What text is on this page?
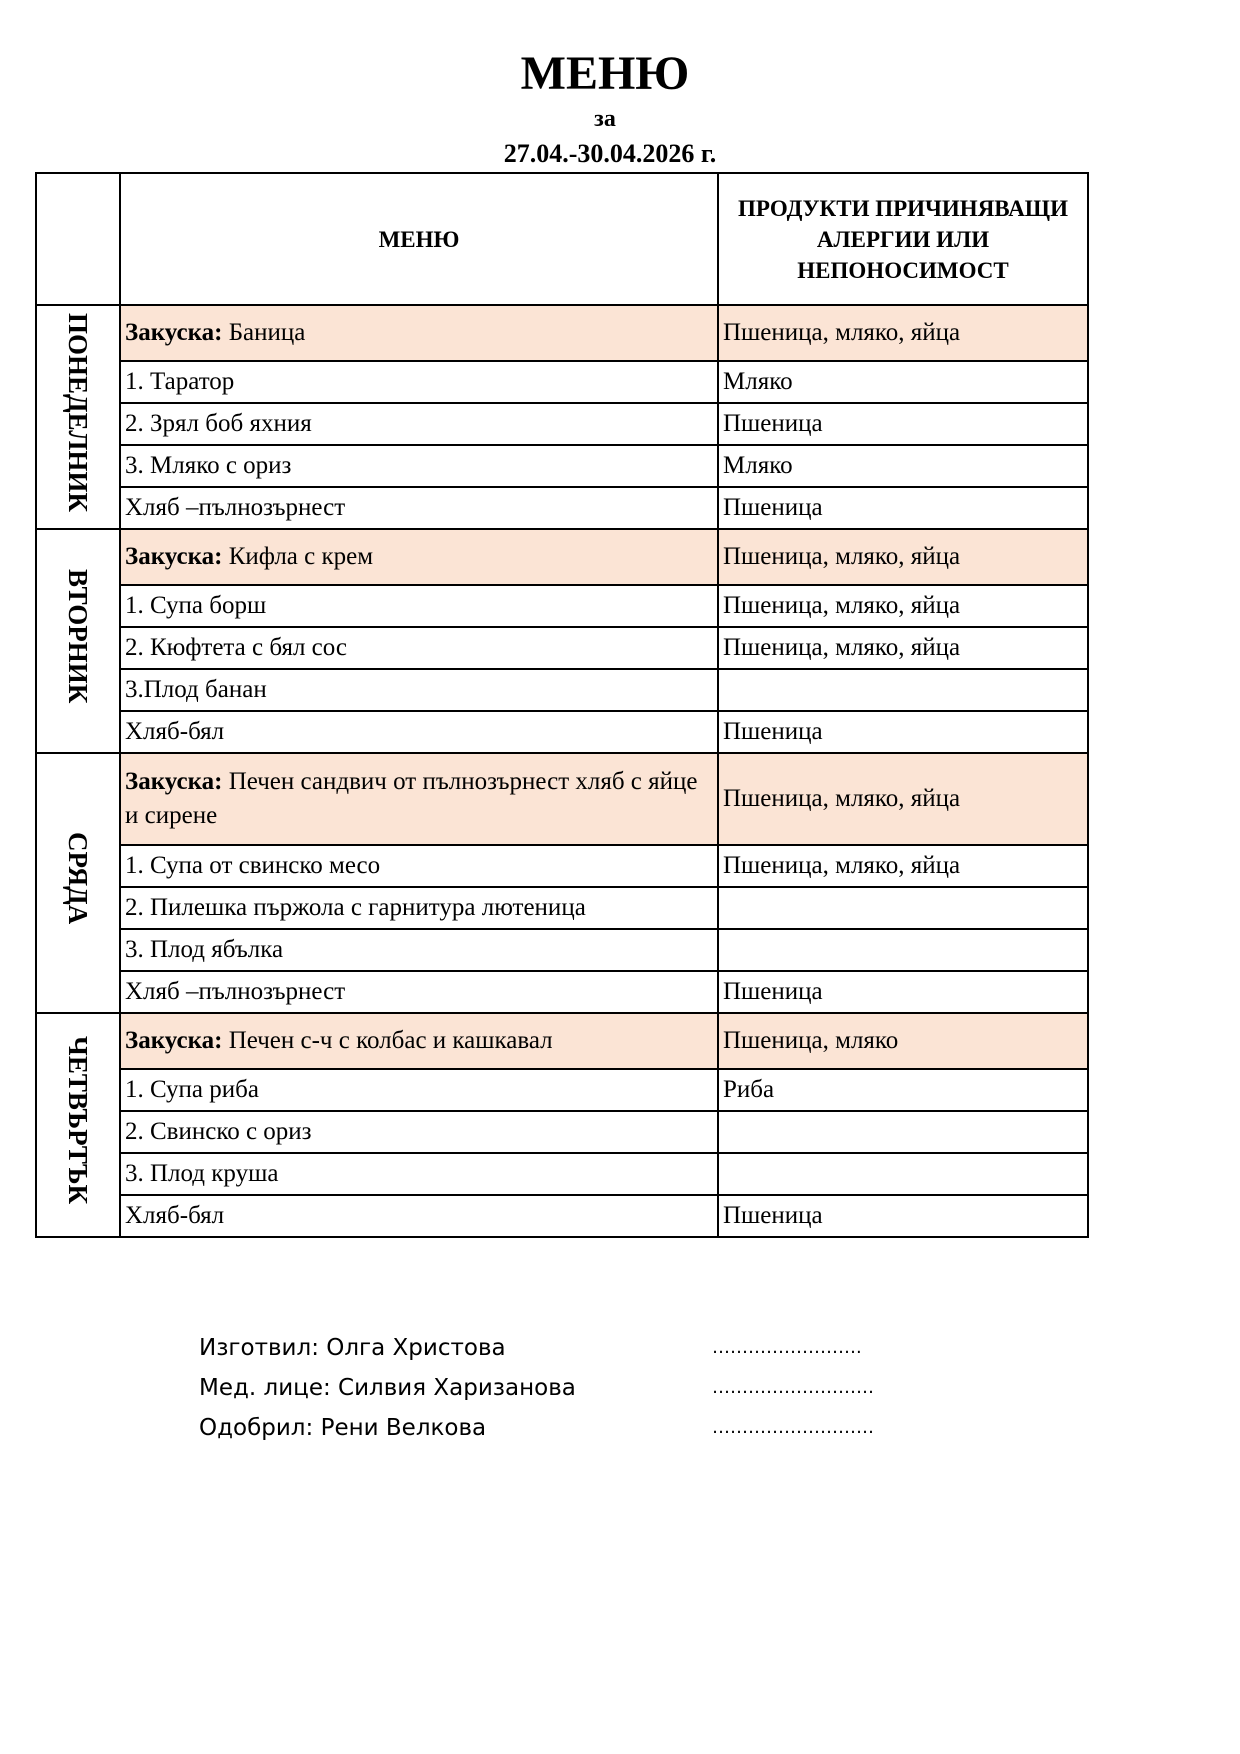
МЕНЮ
за
27.04.-30.04.2026 г.
	МЕНЮ	ПРОДУКТИ ПРИЧИНЯВАЩИ АЛЕРГИИ ИЛИ НЕПОНОСИМОСТ
ПОНЕДЕЛНИК	Закуска: Баница	Пшеница, мляко, яйца
	1. Таратор	Мляко
	2. Зрял боб яхния	Пшеница
	3. Мляко с ориз	Мляко
	Хляб –пълнозърнест	Пшеница
ВТОРНИК	Закуска: Кифла с крем	Пшеница, мляко, яйца
	1. Супа борш	Пшеница, мляко, яйца
	2. Кюфтета с бял сос	Пшеница, мляко, яйца
	3.Плод банан	
	Хляб-бял	Пшеница
СРЯДА	Закуска: Печен сандвич от пълнозърнест хляб с яйце и сирене	Пшеница, мляко, яйца
	1. Супа от свинско месо	Пшеница, мляко, яйца
	2. Пилешка пържола с гарнитура лютеница	
	3. Плод ябълка	
	Хляб –пълнозърнест	Пшеница
ЧЕТВЪРТЪК	Закуска: Печен с-ч с колбас и кашкавал	Пшеница, мляко
	1. Супа риба	Риба
	2. Свинско с ориз	
	3. Плод круша	
	Хляб-бял	Пшеница
Изготвил: Олга Христова	…………………….
Мед. лице: Силвия Харизанова	………………………
Одобрил: Рени Велкова	………………………
